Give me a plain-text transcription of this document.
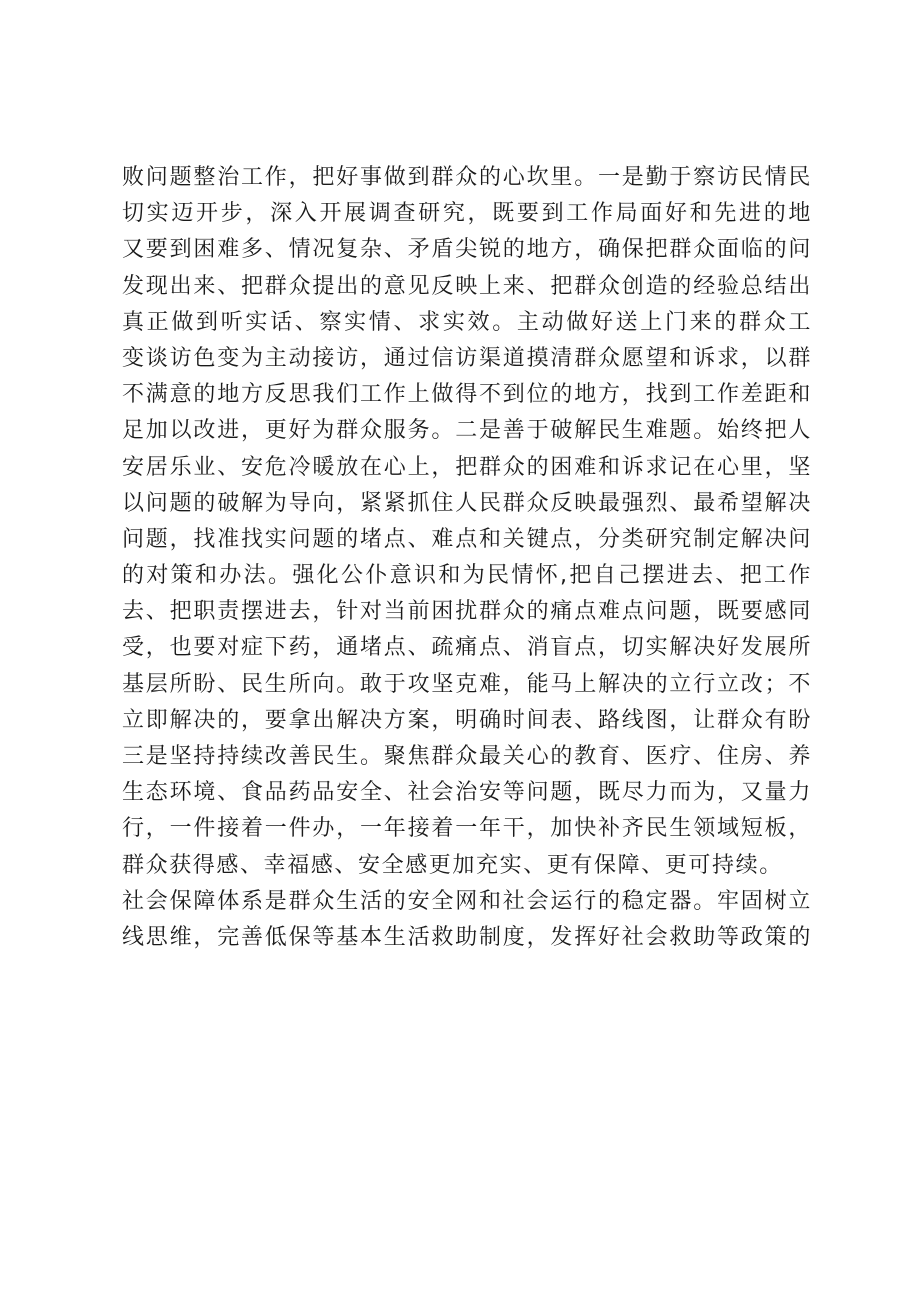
败问题整治工作，把好事做到群众的心坎里。一是勤于察访民情民
切实迈开步，深入开展调查研究，既要到工作局面好和先进的地
又要到困难多、情况复杂、矛盾尖锐的地方，确保把群众面临的问
发现出来、把群众提出的意见反映上来、把群众创造的经验总结出
真正做到听实话、察实情、求实效。主动做好送上门来的群众工
变谈访色变为主动接访，通过信访渠道摸清群众愿望和诉求，以群
不满意的地方反思我们工作上做得不到位的地方，找到工作差距和
足加以改进，更好为群众服务。二是善于破解民生难题。始终把人
安居乐业、安危冷暖放在心上，把群众的困难和诉求记在心里，坚
以问题的破解为导向，紧紧抓住人民群众反映最强烈、最希望解决
问题，找准找实问题的堵点、难点和关键点，分类研究制定解决问
的对策和办法。强化公仆意识和为民情怀,把自己摆进去、把工作
去、把职责摆进去，针对当前困扰群众的痛点难点问题，既要感同
受，也要对症下药，通堵点、疏痛点、消盲点，切实解决好发展所
基层所盼、民生所向。敢于攻坚克难，能马上解决的立行立改；不
立即解决的，要拿出解决方案，明确时间表、路线图，让群众有盼
三是坚持持续改善民生。聚焦群众最关心的教育、医疗、住房、养
生态环境、食品药品安全、社会治安等问题，既尽力而为，又量力
行，一件接着一件办，一年接着一年干，加快补齐民生领域短板，
群众获得感、幸福感、安全感更加充实、更有保障、更可持续。
社会保障体系是群众生活的安全网和社会运行的稳定器。牢固树立
线思维，完善低保等基本生活救助制度，发挥好社会救助等政策的
